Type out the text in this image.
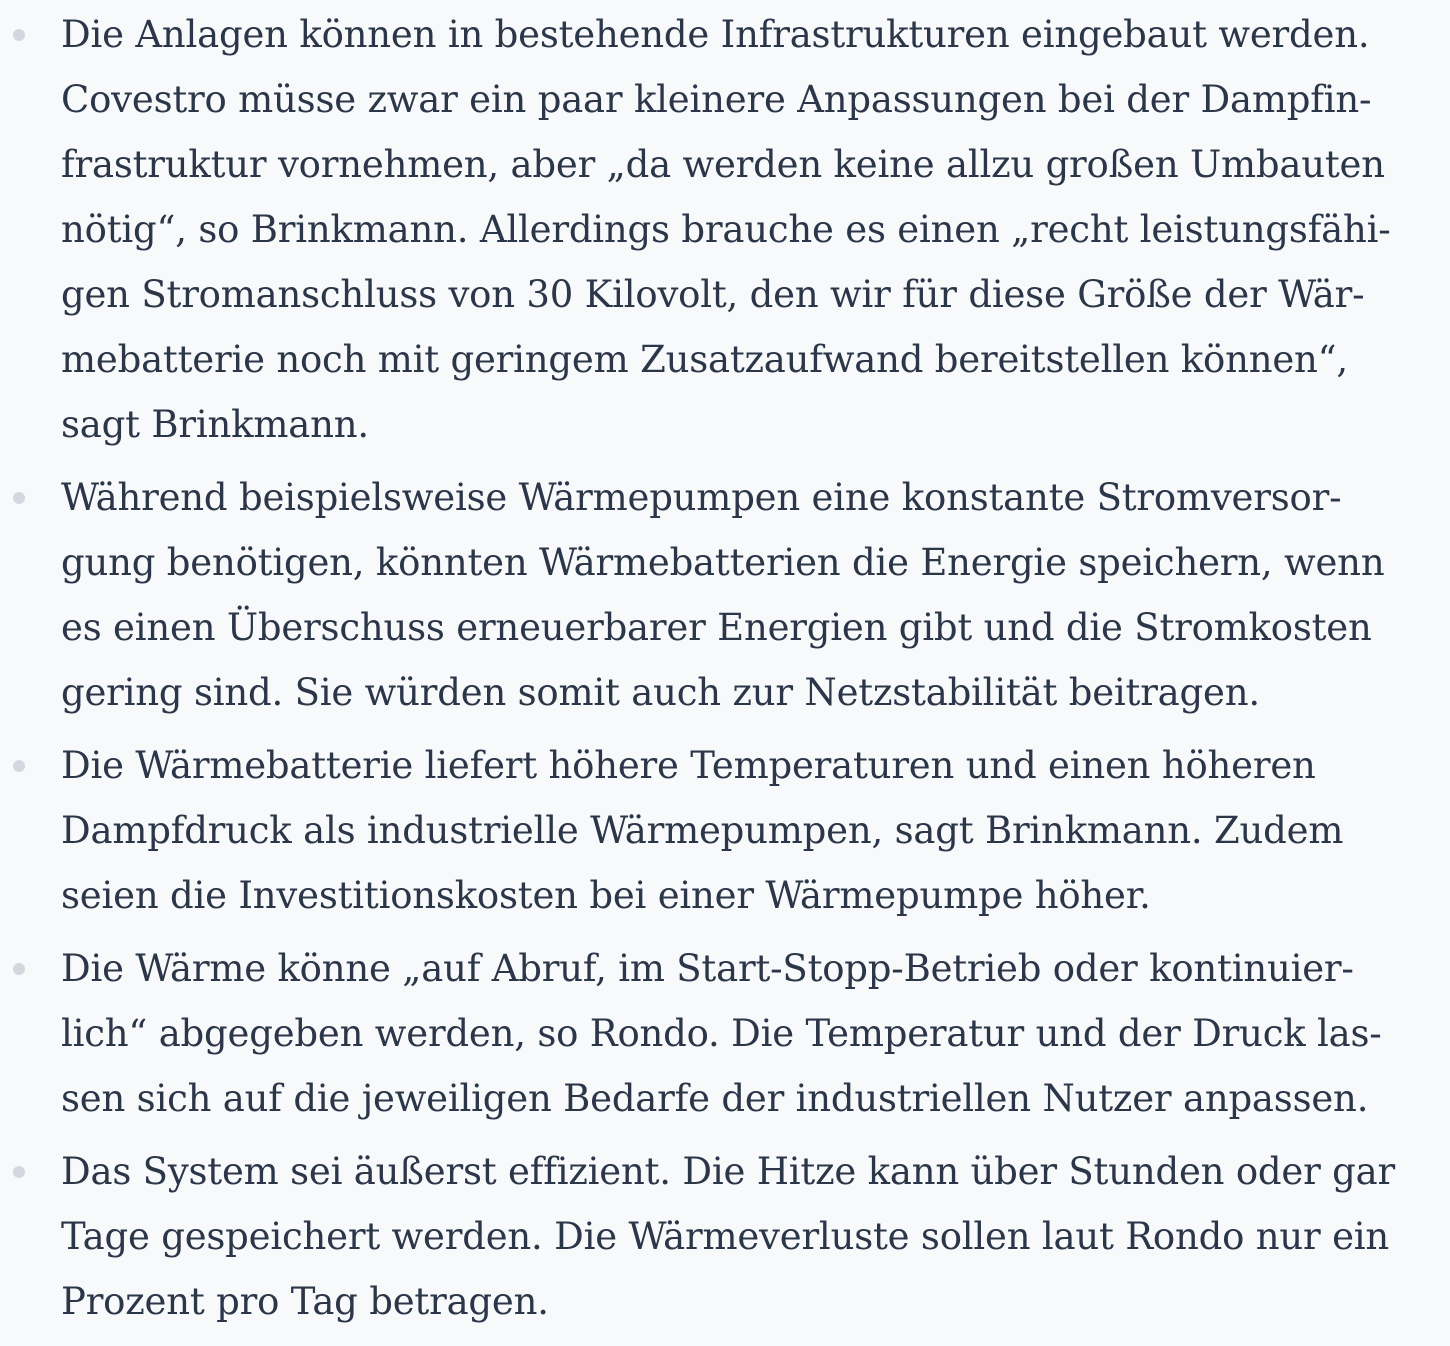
Die Anlagen können in bestehende Infrastrukturen eingebaut werden.
Covestro müsse zwar ein paar kleinere Anpassungen bei der Dampfin-
frastruktur vornehmen, aber „da werden keine allzu großen Umbauten
nötig“, so Brinkmann. Allerdings brauche es einen „recht leistungsfähi-
gen Stromanschluss von 30 Kilovolt, den wir für diese Größe der Wär-
mebatterie noch mit geringem Zusatzaufwand bereitstellen können“,
sagt Brinkmann.
Während beispielsweise Wärmepumpen eine konstante Stromversor-
gung benötigen, könnten Wärmebatterien die Energie speichern, wenn
es einen Überschuss erneuerbarer Energien gibt und die Stromkosten
gering sind. Sie würden somit auch zur Netzstabilität beitragen.
Die Wärmebatterie liefert höhere Temperaturen und einen höheren
Dampfdruck als industrielle Wärmepumpen, sagt Brinkmann. Zudem
seien die Investitionskosten bei einer Wärmepumpe höher.
Die Wärme könne „auf Abruf, im Start-Stopp-Betrieb oder kontinuier-
lich“ abgegeben werden, so Rondo. Die Temperatur und der Druck las-
sen sich auf die jeweiligen Bedarfe der industriellen Nutzer anpassen.
Das System sei äußerst effizient. Die Hitze kann über Stunden oder gar
Tage gespeichert werden. Die Wärmeverluste sollen laut Rondo nur ein
Prozent pro Tag betragen.
